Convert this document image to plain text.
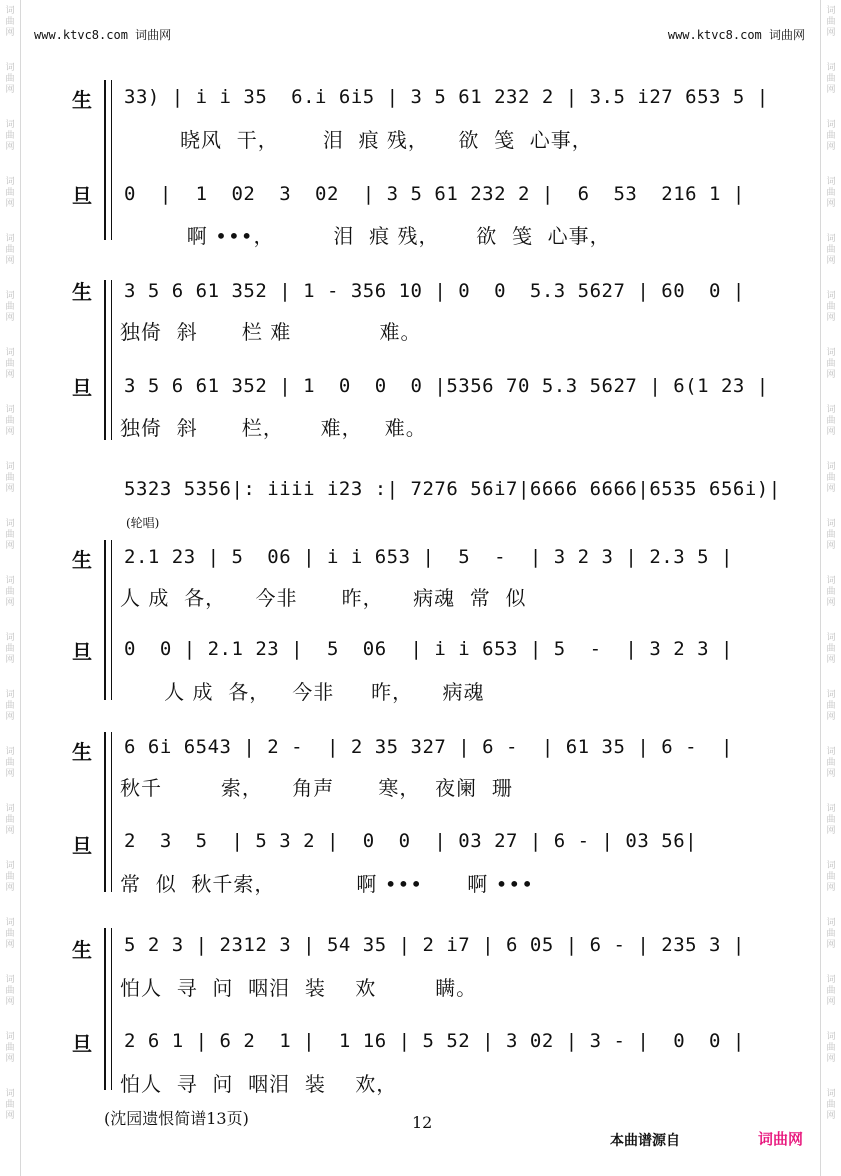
词
曲
网
词
曲
网
词
曲
网
词
曲
网
词
曲
网
词
曲
网
词
曲
网
词
曲
网
词
曲
网
词
曲
网
词
曲
网
词
曲
网
词
曲
网
词
曲
网
词
曲
网
词
曲
网
词
曲
网
词
曲
网
词
曲
网
词
曲
网
词
曲
网
词
曲
网
词
曲
网
词
曲
网
词
曲
网
词
曲
网
词
曲
网
词
曲
网
词
曲
网
词
曲
网
词
曲
网
词
曲
网
词
曲
网
词
曲
网
词
曲
网
词
曲
网
词
曲
网
词
曲
网
词
曲
网
词
曲
网
www.ktvc8.com 词曲网	www.ktvc8.com 词曲网
生 33) | i i 35  6.i 6i5 | 3 5 61 232 2 | 3.5 i27 653 5 |
晓风  干，      泪  痕 残，    欲  笺  心事，
旦 0  |  1  02  3  02  | 3 5 61 232 2 |  6  53  216 1 |
啊 •••，        泪  痕 残，     欲  笺  心事，
生 3 5 6 61 352 | 1 - 356 10 | 0  0  5.3 5627 | 60  0 |
独倚  斜      栏 难            难。
旦 3 5 6 61 352 | 1  0  0  0 |5356 70 5.3 5627 | 6(1 23 |
独倚  斜      栏，     难，   难。
5323 5356|: iiii i23 :| 7276 56i7|6666 6666|6535 656i)|
(轮唱)
生 2.1 23 | 5  06 | i i 653 |  5  -  | 3 2 3 | 2.3 5 |
人 成  各，    今非      昨，    病魂  常  似
旦 0  0 | 2.1 23 |  5  06  | i i 653 | 5  -  | 3 2 3 |
人 成  各，   今非     昨，    病魂
生 6 6i 6543 | 2 -  | 2 35 327 | 6 -  | 61 35 | 6 -  |
秋千        索，    角声      寒，  夜阑  珊
旦 2  3  5  | 5 3 2 |  0  0  | 03 27 | 6 - | 03 56|
常  似  秋千索，           啊 •••      啊 •••
生 5 2 3 | 2312 3 | 54 35 | 2 i7 | 6 05 | 6 - | 235 3 |
怕人  寻  问  咽泪  装    欢        瞒。
旦 2 6 1 | 6 2  1 |  1 16 | 5 52 | 3 02 | 3 - |  0  0 |
怕人  寻  问  咽泪  装    欢，
(沈园遗恨简谱13页)	12
本曲谱源自	词曲网
